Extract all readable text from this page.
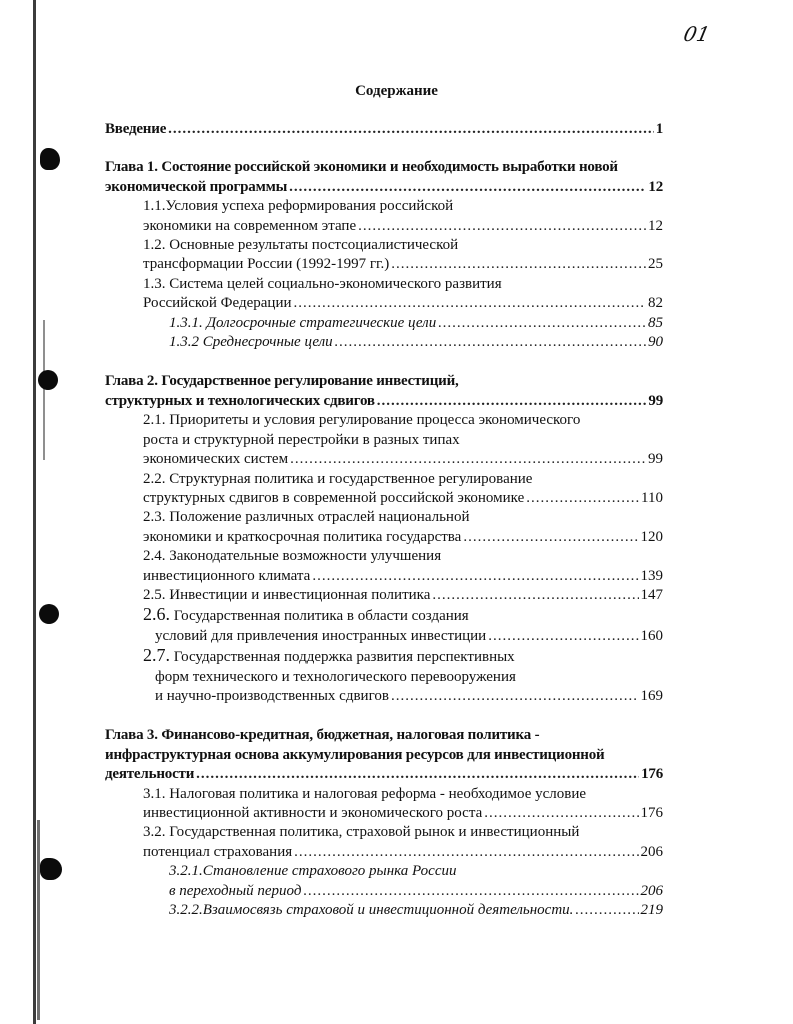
01
Содержание
Введение .....	1
Глава 1. Состояние российской экономики и необходимость выработки новой
экономической программы .....	12
1.1.Условия успеха реформирования российской
экономики на современном этапе .....	12
1.2. Основные результаты постсоциалистической
трансформации России (1992-1997 гг.) .....	25
1.3. Система целей социально-экономического развития
Российской Федерации .....	82
1.3.1. Долгосрочные стратегические цели .....	85
1.3.2 Среднесрочные цели .....	90
Глава 2. Государственное регулирование инвестиций,
структурных и технологических сдвигов .....	99
2.1. Приоритеты и условия регулирование процесса экономического
роста и структурной перестройки в разных типах
экономических систем .....	99
2.2. Структурная политика и государственное регулирование
структурных сдвигов в современной российской экономике .....	110
2.3. Положение различных отраслей национальной
экономики и краткосрочная политика государства .....	120
2.4. Законодательные возможности улучшения
инвестиционного климата .....	139
2.5. Инвестиции и инвестиционная политика .....	147
2.6. Государственная политика в области создания
условий для привлечения иностранных инвестиции .....	160
2.7. Государственная поддержка развития перспективных
форм технического и технологического перевооружения
и научно-производственных сдвигов .....	169
Глава 3. Финансово-кредитная, бюджетная, налоговая политика -
инфраструктурная основа аккумулирования ресурсов для инвестиционной
деятельности .....	176
3.1. Налоговая политика и налоговая реформа - необходимое условие
инвестиционной активности и экономического роста .....	176
3.2. Государственная политика, страховой рынок и инвестиционный
потенциал страхования .....	206
3.2.1.Становление страхового рынка России
в переходный период .....	206
3.2.2.Взаимосвязь страховой и инвестиционной деятельности. .....	219
